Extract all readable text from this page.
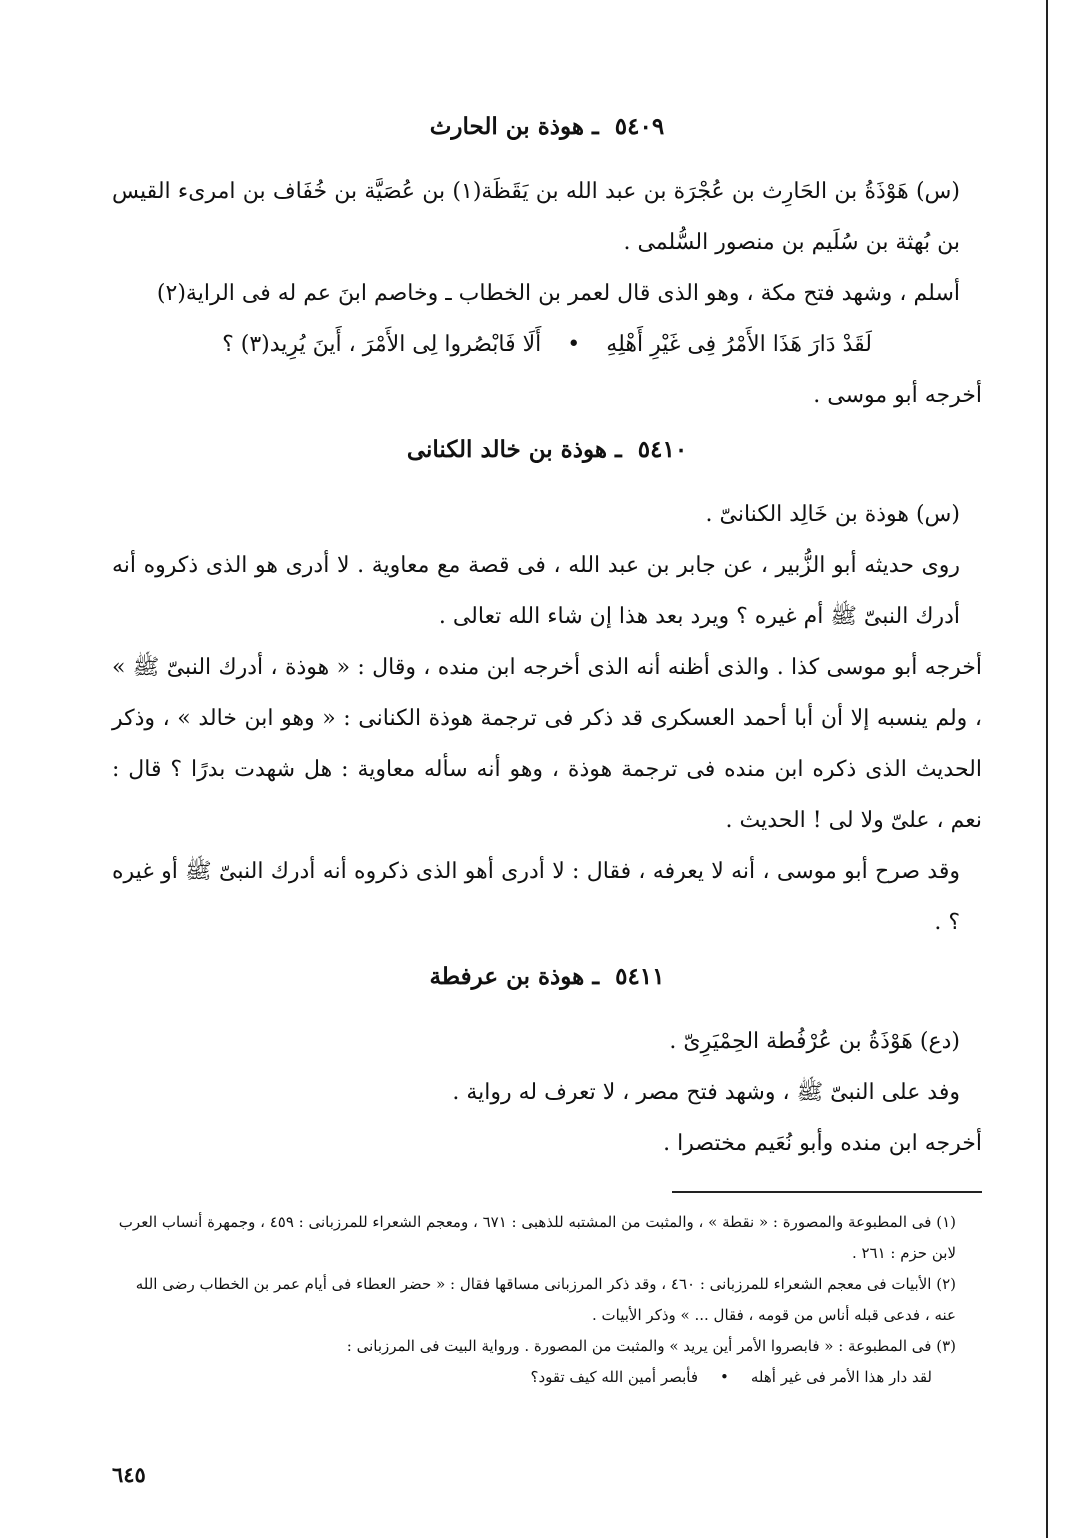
٥٤٠٩ ـ هوذة بن الحارث

(س) هَوْذَةُ بن الحَارِث بن عُجْرَة بن عبد الله بن يَقَظَة(١) بن عُصَيَّة بن خُفَاف بن امرىء القيس بن بُهثة بن سُلَيم بن منصور السُّلمى .

أسلم ، وشهد فتح مكة ، وهو الذى قال لعمر بن الخطاب ـ وخاصم ابنَ عم له فى الراية(٢)

لَقَدْ دَارَ هَذَا الأَمْرُ فِى غَيْرِ أَهْلِهِ•أَلَا فَابْصُروا لِى الأَمْرَ ، أَينَ يُرِيد(٣) ؟

أخرجه أبو موسى .

٥٤١٠ ـ هوذة بن خالد الكنانى

(س) هوذة بن خَالِد الكنانىّ .

روى حديثه أبو الزُّبير ، عن جابر بن عبد الله ، فى قصة مع معاوية . لا أدرى هو الذى ذكروه أنه أدرك النبىّ ﷺ أم غيره ؟ ويرد بعد هذا إن شاء الله تعالى .

أخرجه أبو موسى كذا . والذى أظنه أنه الذى أخرجه ابن منده ، وقال : « هوذة ، أدرك النبىّ ﷺ » ، ولم ينسبه إلا أن أبا أحمد العسكرى قد ذكر فى ترجمة هوذة الكنانى : « وهو ابن خالد » ، وذكر الحديث الذى ذكره ابن منده فى ترجمة هوذة ، وهو أنه سأله معاوية : هل شهدت بدرًا ؟ قال : نعم ، علىّ ولا لى ! الحديث .

وقد صرح أبو موسى ، أنه لا يعرفه ، فقال : لا أدرى أهو الذى ذكروه أنه أدرك النبىّ ﷺ أو غيره ؟ .

٥٤١١ ـ هوذة بن عرفطة

(دع) هَوْذَةُ بن عُرْفُطة الحِمْيَرِىّ .

وفد على النبىّ ﷺ ، وشهد فتح مصر ، لا تعرف له رواية .

أخرجه ابن منده وأبو نُعَيم مختصرا .

(١) فى المطبوعة والمصورة : « نقطة » ، والمثبت من المشتبه للذهبى : ٦٧١ ، ومعجم الشعراء للمرزبانى : ٤٥٩ ، وجمهرة أنساب العرب لابن حزم : ٢٦١ .

(٢) الأبيات فى معجم الشعراء للمرزبانى : ٤٦٠ ، وقد ذكر المرزبانى مساقها فقال : « حضر العطاء فى أيام عمر بن الخطاب رضى الله عنه ، فدعى قبله أناس من قومه ، فقال ... » وذكر الأبيات .

(٣) فى المطبوعة : « فابصروا الأمر أين يريد » والمثبت من المصورة . ورواية البيت فى المرزبانى :

لقد دار هذا الأمر فى غير أهله•فأبصر أمين الله كيف تقود؟

٦٤٥
